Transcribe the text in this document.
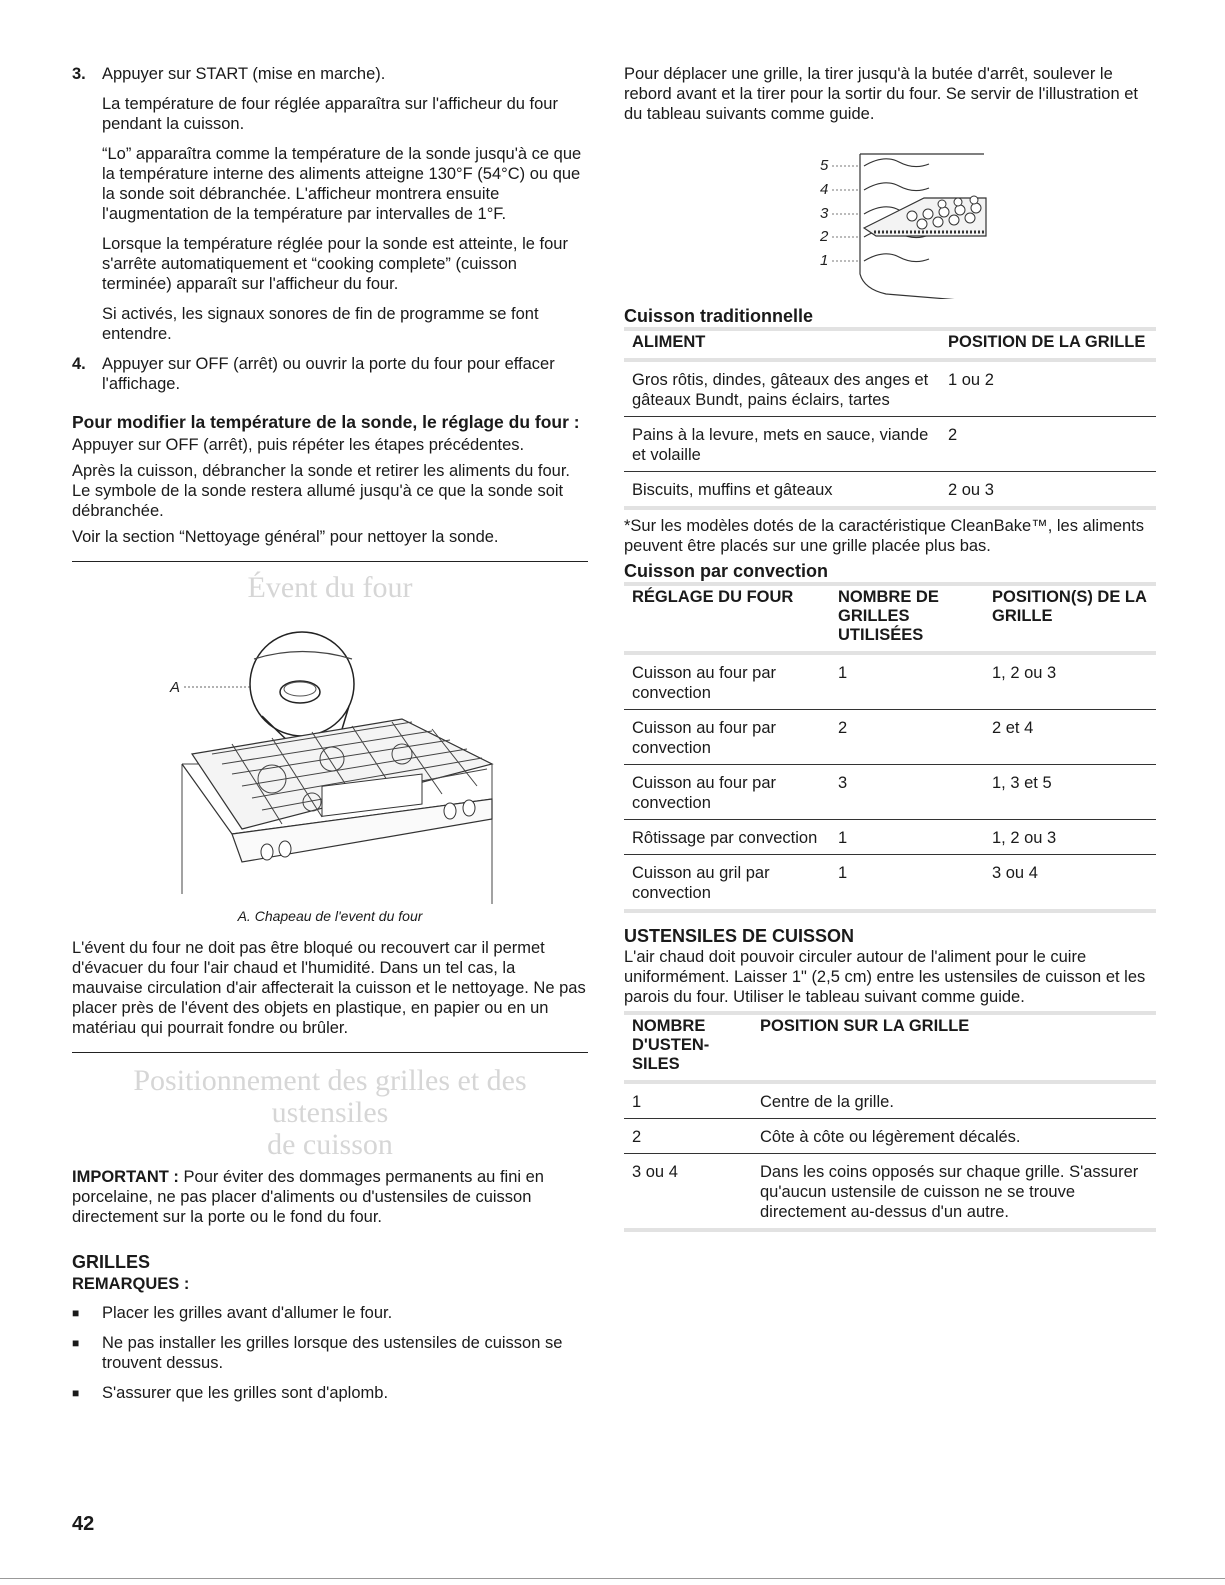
3. Appuyer sur START (mise en marche).

La température de four réglée apparaîtra sur l'afficheur du four pendant la cuisson.

“Lo” apparaîtra comme la température de la sonde jusqu'à ce que la température interne des aliments atteigne 130°F (54°C) ou que la sonde soit débranchée. L'afficheur montrera ensuite l'augmentation de la température par intervalles de 1°F.

Lorsque la température réglée pour la sonde est atteinte, le four s'arrête automatiquement et “cooking complete” (cuisson terminée) apparaît sur l'afficheur du four.

Si activés, les signaux sonores de fin de programme se font entendre.

4. Appuyer sur OFF (arrêt) ou ouvrir la porte du four pour effacer l'affichage.

Pour modifier la température de la sonde, le réglage du four :

Appuyer sur OFF (arrêt), puis répéter les étapes précédentes.

Après la cuisson, débrancher la sonde et retirer les aliments du four. Le symbole de la sonde restera allumé jusqu'à ce que la sonde soit débranchée.

Voir la section “Nettoyage général” pour nettoyer la sonde.

Évent du four
A
A. Chapeau de l'event du four

L'évent du four ne doit pas être bloqué ou recouvert car il permet d'évacuer du four l'air chaud et l'humidité. Dans un tel cas, la mauvaise circulation d'air affecterait la cuisson et le nettoyage. Ne pas placer près de l'évent des objets en plastique, en papier ou en un matériau qui pourrait fondre ou brûler.

Positionnement des grilles et des ustensiles
de cuisson

IMPORTANT : Pour éviter des dommages permanents au fini en porcelaine, ne pas placer d'aliments ou d'ustensiles de cuisson directement sur la porte ou le fond du four.

GRILLES
REMARQUES :
■	Placer les grilles avant d'allumer le four.
■	Ne pas installer les grilles lorsque des ustensiles de cuisson se trouvent dessus.
■	S'assurer que les grilles sont d'aplomb.

Pour déplacer une grille, la tirer jusqu'à la butée d'arrêt, soulever le rebord avant et la tirer pour la sortir du four. Se servir de l'illustration et du tableau suivants comme guide.

5
4
3
2
1
Cuisson traditionnelle
ALIMENT	POSITION DE LA GRILLE
Gros rôtis, dindes, gâteaux des anges et gâteaux Bundt, pains éclairs, tartes	1 ou 2
Pains à la levure, mets en sauce, viande et volaille	2
Biscuits, muffins et gâteaux	2 ou 3

*Sur les modèles dotés de la caractéristique CleanBake™, les aliments peuvent être placés sur une grille placée plus bas.

Cuisson par convection
RÉGLAGE DU FOUR	NOMBRE DE GRILLES UTILISÉES	POSITION(S) DE LA GRILLE
Cuisson au four par convection	1	1, 2 ou 3
Cuisson au four par convection	2	2 et 4
Cuisson au four par convection	3	1, 3 et 5
Rôtissage par convection	1	1, 2 ou 3
Cuisson au gril par convection	1	3 ou 4
USTENSILES DE CUISSON

L'air chaud doit pouvoir circuler autour de l'aliment pour le cuire uniformément. Laisser 1" (2,5 cm) entre les ustensiles de cuisson et les parois du four. Utiliser le tableau suivant comme guide.

NOMBRE D'USTEN-SILES	POSITION SUR LA GRILLE
1	Centre de la grille.
2	Côte à côte ou légèrement décalés.
3 ou 4	Dans les coins opposés sur chaque grille. S'assurer qu'aucun ustensile de cuisson ne se trouve directement au-dessus d'un autre.
42
